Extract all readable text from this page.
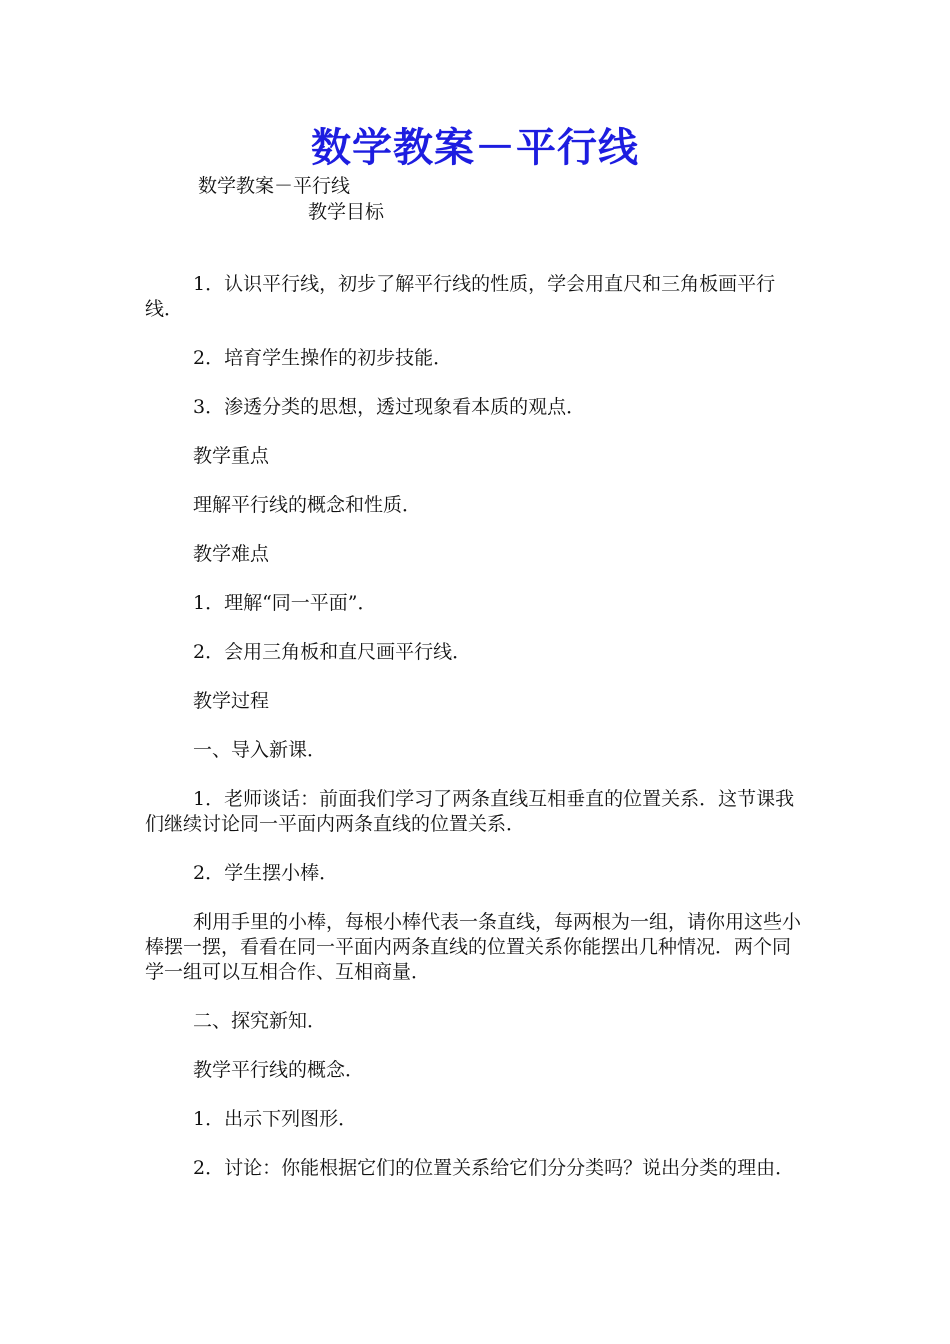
数学教案－平行线
数学教案－平行线
教学目标

1．认识平行线，初步了解平行线的性质，学会用直尺和三角板画平行线．

2．培育学生操作的初步技能．

3．渗透分类的思想，透过现象看本质的观点．

教学重点

理解平行线的概念和性质．

教学难点

1．理解“同一平面”．

2．会用三角板和直尺画平行线．

教学过程

一、导入新课．

1．老师谈话：前面我们学习了两条直线互相垂直的位置关系．这节课我们继续讨论同一平面内两条直线的位置关系．

2．学生摆小棒．

利用手里的小棒，每根小棒代表一条直线，每两根为一组，请你用这些小棒摆一摆，看看在同一平面内两条直线的位置关系你能摆出几种情况．两个同学一组可以互相合作、互相商量．

二、探究新知．

教学平行线的概念．

1．出示下列图形．

2．讨论：你能根据它们的位置关系给它们分分类吗？说出分类的理由．
